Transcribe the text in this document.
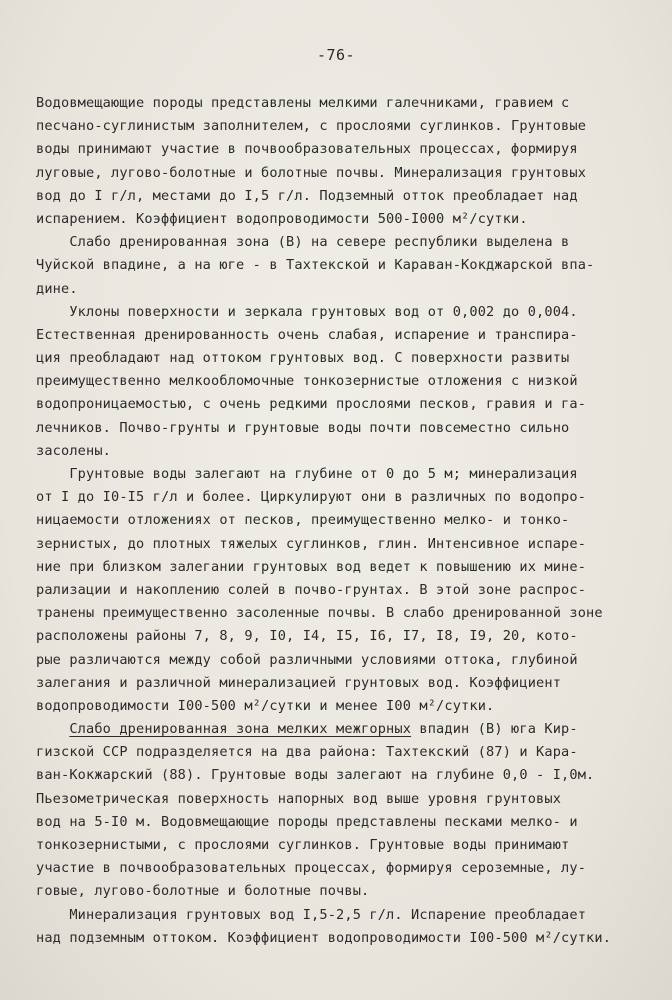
-76-
Водовмещающие породы представлены мелкими галечниками, гравием с
песчано-суглинистым заполнителем, с прослоями суглинков. Грунтовые
воды принимают участие в почвообразовательных процессах, формируя
луговые, лугово-болотные и болотные почвы. Минерализация грунтовых
вод до I г/л, местами до I,5 г/л. Подземный отток преобладает над
испарением. Коэффициент водопроводимости 500-I000 м²/сутки.
Слабо дренированная зона (В) на севере республики выделена в
Чуйской впадине, а на юге - в Тахтекской и Караван-Кокджарской впа-
дине.
Уклоны поверхности и зеркала грунтовых вод от 0,002 до 0,004.
Естественная дренированность очень слабая, испарение и транспира-
ция преобладают над оттоком грунтовых вод. С поверхности развиты
преимущественно мелкообломочные тонкозернистые отложения с низкой
водопроницаемостью, с очень редкими прослоями песков, гравия и га-
лечников. Почво-грунты и грунтовые воды почти повсеместно сильно
засолены.
Грунтовые воды залегают на глубине от 0 до 5 м; минерализация
от I до I0-I5 г/л и более. Циркулируют они в различных по водопро-
ницаемости отложениях от песков, преимущественно мелко- и тонко-
зернистых, до плотных тяжелых суглинков, глин. Интенсивное испаре-
ние при близком залегании грунтовых вод ведет к повышению их мине-
рализации и накоплению солей в почво-грунтах. В этой зоне распрос-
транены преимущественно засоленные почвы. В слабо дренированной зоне
расположены районы 7, 8, 9, I0, I4, I5, I6, I7, I8, I9, 20, кото-
рые различаются между собой различными условиями оттока, глубиной
залегания и различной минерализацией грунтовых вод. Коэффициент
водопроводимости I00-500 м²/сутки и менее I00 м²/сутки.
Слабо дренированная зона мелких межгорных впадин (В) юга Кир-
гизской ССР подразделяется на два района: Тахтекский (87) и Кара-
ван-Кокжарский (88). Грунтовые воды залегают на глубине 0,0 - I,0м.
Пьезометрическая поверхность напорных вод выше уровня грунтовых
вод на 5-I0 м. Водовмещающие породы представлены песками мелко- и
тонкозернистыми, с прослоями суглинков. Грунтовые воды принимают
участие в почвообразовательных процессах, формируя сероземные, лу-
говые, лугово-болотные и болотные почвы.
Минерализация грунтовых вод I,5-2,5 г/л. Испарение преобладает
над подземным оттоком. Коэффициент водопроводимости I00-500 м²/сутки.
